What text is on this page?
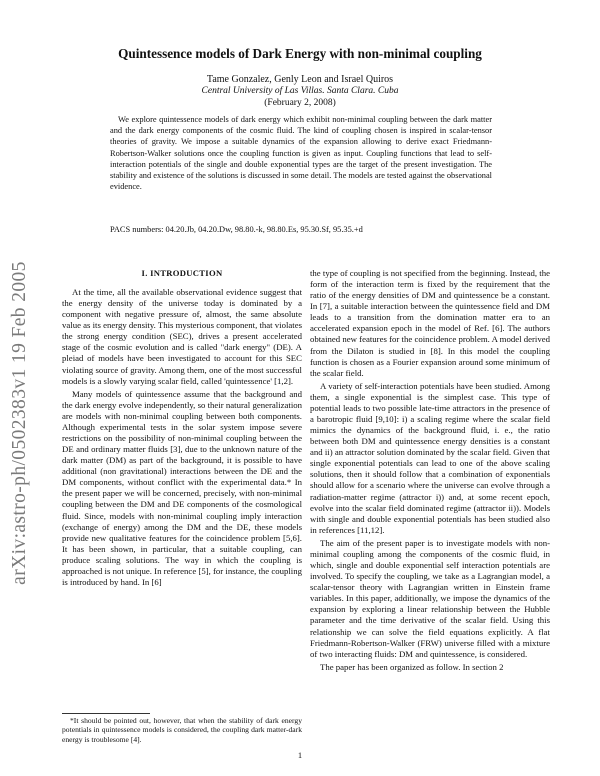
arXiv:astro-ph/0502383v1 19 Feb 2005
Quintessence models of Dark Energy with non-minimal coupling
Tame Gonzalez, Genly Leon and Israel Quiros
Central University of Las Villas. Santa Clara. Cuba
(February 2, 2008)

We explore quintessence models of dark energy which exhibit non-minimal coupling between the dark matter and the dark energy components of the cosmic fluid. The kind of coupling chosen is inspired in scalar-tensor theories of gravity. We impose a suitable dynamics of the expansion allowing to derive exact Friedmann-Robertson-Walker solutions once the coupling function is given as input. Coupling functions that lead to self-interaction potentials of the single and double exponential types are the target of the present investigation. The stability and existence of the solutions is discussed in some detail. The models are tested against the observational evidence.

PACS numbers: 04.20.Jb, 04.20.Dw, 98.80.-k, 98.80.Es, 95.30.Sf, 95.35.+d

I. INTRODUCTION

At the time, all the available observational evidence suggest that the energy density of the universe today is dominated by a component with negative pressure of, almost, the same absolute value as its energy density. This mysterious component, that violates the strong energy condition (SEC), drives a present accelerated stage of the cosmic evolution and is called "dark energy" (DE). A pleiad of models have been investigated to account for this SEC violating source of gravity. Among them, one of the most successful models is a slowly varying scalar field, called 'quintessence' [1,2].

Many models of quintessence assume that the background and the dark energy evolve independently, so their natural generalization are models with non-minimal coupling between both components. Although experimental tests in the solar system impose severe restrictions on the possibility of non-minimal coupling between the DE and ordinary matter fluids [3], due to the unknown nature of the dark matter (DM) as part of the background, it is possible to have additional (non gravitational) interactions between the DE and the DM components, without conflict with the experimental data.* In the present paper we will be concerned, precisely, with non-minimal coupling between the DM and DE components of the cosmological fluid. Since, models with non-minimal coupling imply interaction (exchange of energy) among the DM and the DE, these models provide new qualitative features for the coincidence problem [5,6]. It has been shown, in particular, that a suitable coupling, can produce scaling solutions. The way in which the coupling is approached is not unique. In reference [5], for instance, the coupling is introduced by hand. In [6]

the type of coupling is not specified from the beginning. Instead, the form of the interaction term is fixed by the requirement that the ratio of the energy densities of DM and quintessence be a constant. In [7], a suitable interaction between the quintessence field and DM leads to a transition from the domination matter era to an accelerated expansion epoch in the model of Ref. [6]. The authors obtained new features for the coincidence problem. A model derived from the Dilaton is studied in [8]. In this model the coupling function is chosen as a Fourier expansion around some minimum of the scalar field.

A variety of self-interaction potentials have been studied. Among them, a single exponential is the simplest case. This type of potential leads to two possible late-time attractors in the presence of a barotropic fluid [9,10]: i) a scaling regime where the scalar field mimics the dynamics of the background fluid, i. e., the ratio between both DM and quintessence energy densities is a constant and ii) an attractor solution dominated by the scalar field. Given that single exponential potentials can lead to one of the above scaling solutions, then it should follow that a combination of exponentials should allow for a scenario where the universe can evolve through a radiation-matter regime (attractor i)) and, at some recent epoch, evolve into the scalar field dominated regime (attractor ii)). Models with single and double exponential potentials has been studied also in references [11,12].

The aim of the present paper is to investigate models with non-minimal coupling among the components of the cosmic fluid, in which, single and double exponential self interaction potentials are involved. To specify the coupling, we take as a Lagrangian model, a scalar-tensor theory with Lagrangian written in Einstein frame variables. In this paper, additionally, we impose the dynamics of the expansion by exploring a linear relationship between the Hubble parameter and the time derivative of the scalar field. Using this relationship we can solve the field equations explicitly. A flat Friedmann-Robertson-Walker (FRW) universe filled with a mixture of two interacting fluids: DM and quintessence, is considered.

The paper has been organized as follow. In section 2

*It should be pointed out, however, that when the stability of dark energy potentials in quintessence models is considered, the coupling dark matter-dark energy is troublesome [4].

1
